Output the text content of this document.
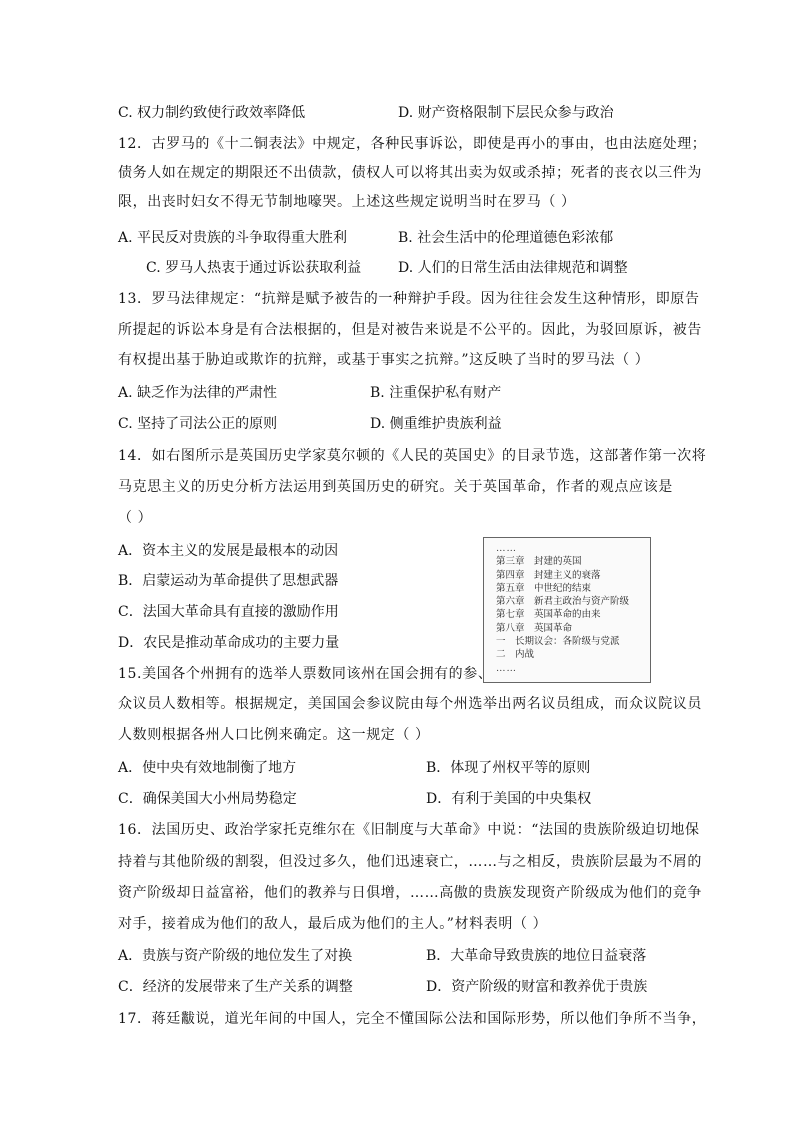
C. 权力制约致使行政效率降低	D. 财产资格限制下层民众参与政治
12．古罗马的《十二铜表法》中规定，各种民事诉讼，即使是再小的事由，也由法庭处理；
债务人如在规定的期限还不出债款，债权人可以将其出卖为奴或杀掉；死者的丧衣以三件为
限，出丧时妇女不得无节制地嚎哭。上述这些规定说明当时在罗马（ ）
A. 平民反对贵族的斗争取得重大胜利	B. 社会生活中的伦理道德色彩浓郁
C. 罗马人热衷于通过诉讼获取利益	D. 人们的日常生活由法律规范和调整
13．罗马法律规定：“抗辩是赋予被告的一种辩护手段。因为往往会发生这种情形，即原告
所提起的诉讼本身是有合法根据的，但是对被告来说是不公平的。因此，为驳回原诉，被告
有权提出基于胁迫或欺诈的抗辩，或基于事实之抗辩。”这反映了当时的罗马法（ ）
A. 缺乏作为法律的严肃性	B. 注重保护私有财产
C. 坚持了司法公正的原则	D. 侧重维护贵族利益
14．如右图所示是英国历史学家莫尔顿的《人民的英国史》的目录节选，这部著作第一次将
马克思主义的历史分析方法运用到英国历史的研究。关于英国革命，作者的观点应该是
（ ）
A．资本主义的发展是最根本的动因
B．启蒙运动为革命提供了思想武器
C．法国大革命具有直接的激励作用
D．农民是推动革命成功的主要力量
……
第三章　封建的英国
第四章　封建主义的衰落
第五章　中世纪的结束
第六章　新君主政治与资产阶级
第七章　英国革命的由来
第八章　英国革命
一　长期议会：各阶级与党派
二　内战
……
15.美国各个州拥有的选举人票数同该州在国会拥有的参、
众议员人数相等。根据规定，美国国会参议院由每个州选举出两名议员组成，而众议院议员
人数则根据各州人口比例来确定。这一规定（ ）
A．使中央有效地制衡了地方	B．体现了州权平等的原则
C．确保美国大小州局势稳定	D．有利于美国的中央集权
16．法国历史、政治学家托克维尔在《旧制度与大革命》中说：“法国的贵族阶级迫切地保
持着与其他阶级的割裂，但没过多久，他们迅速衰亡，……与之相反，贵族阶层最为不屑的
资产阶级却日益富裕，他们的教养与日俱增，……高傲的贵族发现资产阶级成为他们的竞争
对手，接着成为他们的敌人，最后成为他们的主人。”材料表明（ ）
A．贵族与资产阶级的地位发生了对换	B．大革命导致贵族的地位日益衰落
C．经济的发展带来了生产关系的调整	D．资产阶级的财富和教养优于贵族
17．蒋廷黻说，道光年间的中国人，完全不懂国际公法和国际形势，所以他们争所不当争，
